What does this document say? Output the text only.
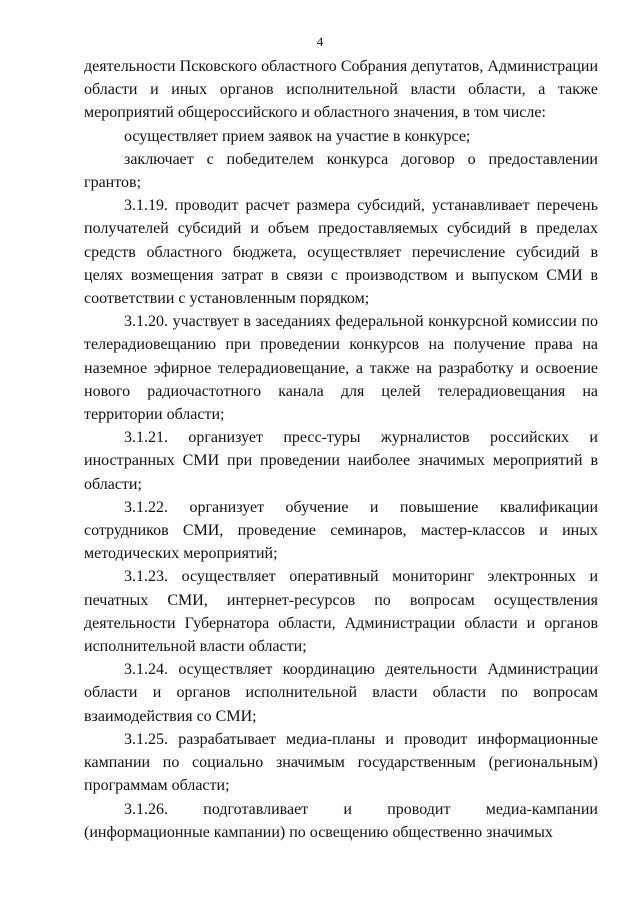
4

деятельности Псковского областного Собрания депутатов, Администрации области и иных органов исполнительной власти области, а также мероприятий общероссийского и областного значения, в том числе:

осуществляет прием заявок на участие в конкурсе;

заключает с победителем конкурса договор о предоставлении грантов;

3.1.19. проводит расчет размера субсидий, устанавливает перечень получателей субсидий и объем предоставляемых субсидий в пределах средств областного бюджета, осуществляет перечисление субсидий в целях возмещения затрат в связи с производством и выпуском СМИ в соответствии с установленным порядком;

3.1.20. участвует в заседаниях федеральной конкурсной комиссии по телерадиовещанию при проведении конкурсов на получение права на наземное эфирное телерадиовещание, а также на разработку и освоение нового радиочастотного канала для целей телерадиовещания на территории области;

3.1.21. организует пресс-туры журналистов российских и иностранных СМИ при проведении наиболее значимых мероприятий в области;

3.1.22. организует обучение и повышение квалификации сотрудников СМИ, проведение семинаров, мастер-классов и иных методических мероприятий;

3.1.23. осуществляет оперативный мониторинг электронных и печатных СМИ, интернет-ресурсов по вопросам осуществления деятельности Губернатора области, Администрации области и органов исполнительной власти области;

3.1.24. осуществляет координацию деятельности Администрации области и органов исполнительной власти области по вопросам взаимодействия со СМИ;

3.1.25. разрабатывает медиа-планы и проводит информационные кампании по социально значимым государственным (региональным) программам области;

3.1.26. подготавливает и проводит медиа-кампании (информационные кампании) по освещению общественно значимых
